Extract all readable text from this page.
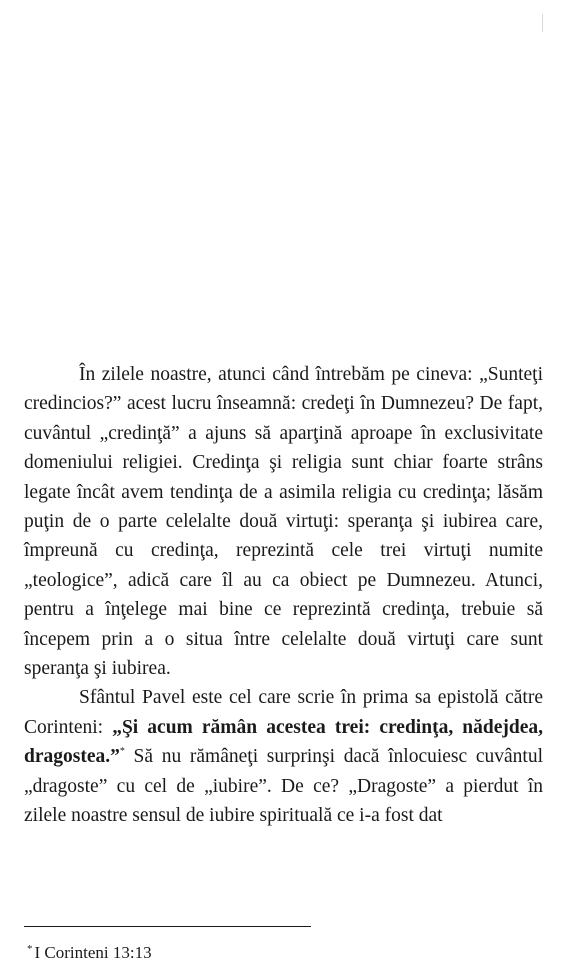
În zilele noastre, atunci când întrebăm pe cineva: „Sunteţi credincios?” acest lucru înseamnă: credeţi în Dumnezeu? De fapt, cuvântul „credinţă” a ajuns să aparţină aproape în exclusivitate domeniului religiei. Credinţa şi religia sunt chiar foarte strâns legate încât avem tendinţa de a asimila religia cu credinţa; lăsăm puţin de o parte celelalte două virtuţi: speranţa şi iubirea care, împreună cu credinţa, reprezintă cele trei virtuţi numite „teologice”, adică care îl au ca obiect pe Dumnezeu. Atunci, pentru a înţelege mai bine ce reprezintă credinţa, trebuie să începem prin a o situa între celelalte două virtuţi care sunt speranţa şi iubirea.

Sfântul Pavel este cel care scrie în prima sa epistolă către Corinteni: „Şi acum rămân acestea trei: credinţa, nădejdea, dragostea.”* Să nu rămâneţi surprinşi dacă înlocuiesc cuvântul „dragoste” cu cel de „iubire”. De ce? „Dragoste” a pierdut în zilele noastre sensul de iubire spirituală ce i-a fost dat

* I Corinteni 13:13
